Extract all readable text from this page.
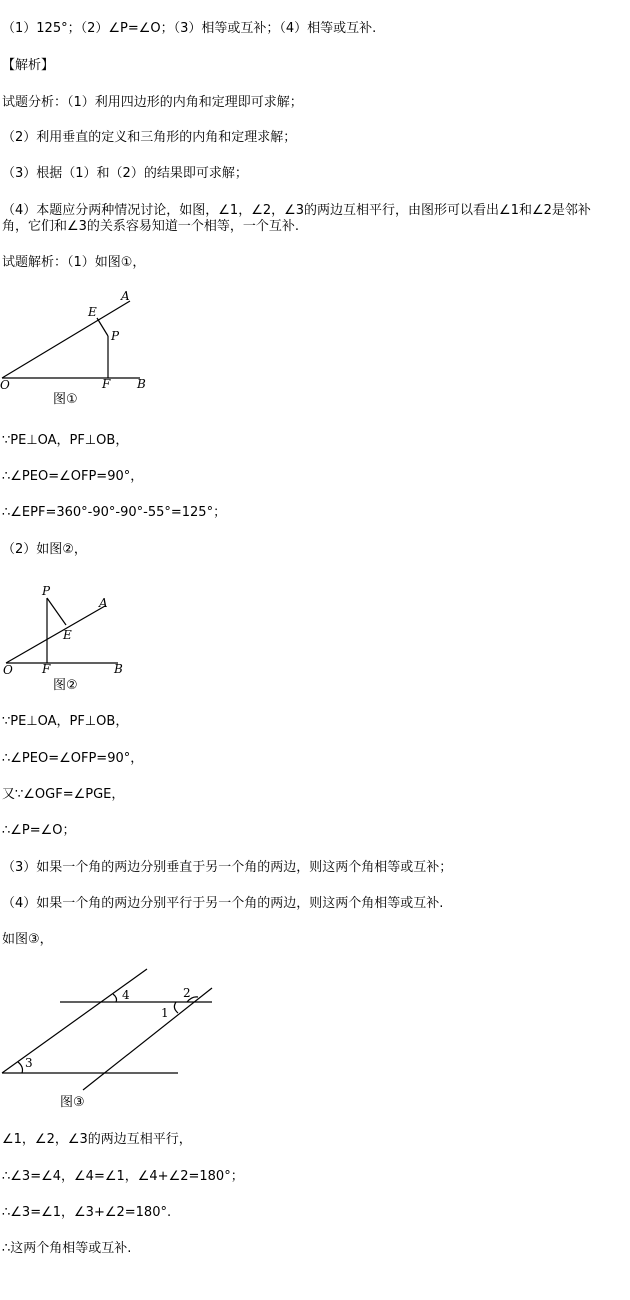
（1）125°；（2）∠P=∠O；（3）相等或互补；（4）相等或互补.
【解析】
试题分析：（1）利用四边形的内角和定理即可求解；
（2）利用垂直的定义和三角形的内角和定理求解；
（3）根据（1）和（2）的结果即可求解；
（4）本题应分两种情况讨论，如图，∠1，∠2，∠3的两边互相平行，由图形可以看出∠1和∠2是邻补
角，它们和∠3的关系容易知道一个相等，一个互补.
试题解析：（1）如图①，
A
E
P
O	F B
图①
∵PE⊥OA，PF⊥OB，
∴∠PEO=∠OFP=90°，
∴∠EPF=360°-90°-90°-55°=125°；
（2）如图②，
P
A
E
O F	B
图②
∵PE⊥OA，PF⊥OB，
∴∠PEO=∠OFP=90°，
又∵∠OGF=∠PGE，
∴∠P=∠O；
（3）如果一个角的两边分别垂直于另一个角的两边，则这两个角相等或互补；
（4）如果一个角的两边分别平行于另一个角的两边，则这两个角相等或互补.
如图③，
4	2
1
3
图③
∠1，∠2，∠3的两边互相平行，
∴∠3=∠4，∠4=∠1，∠4+∠2=180°；
∴∠3=∠1，∠3+∠2=180°.
∴这两个角相等或互补.
